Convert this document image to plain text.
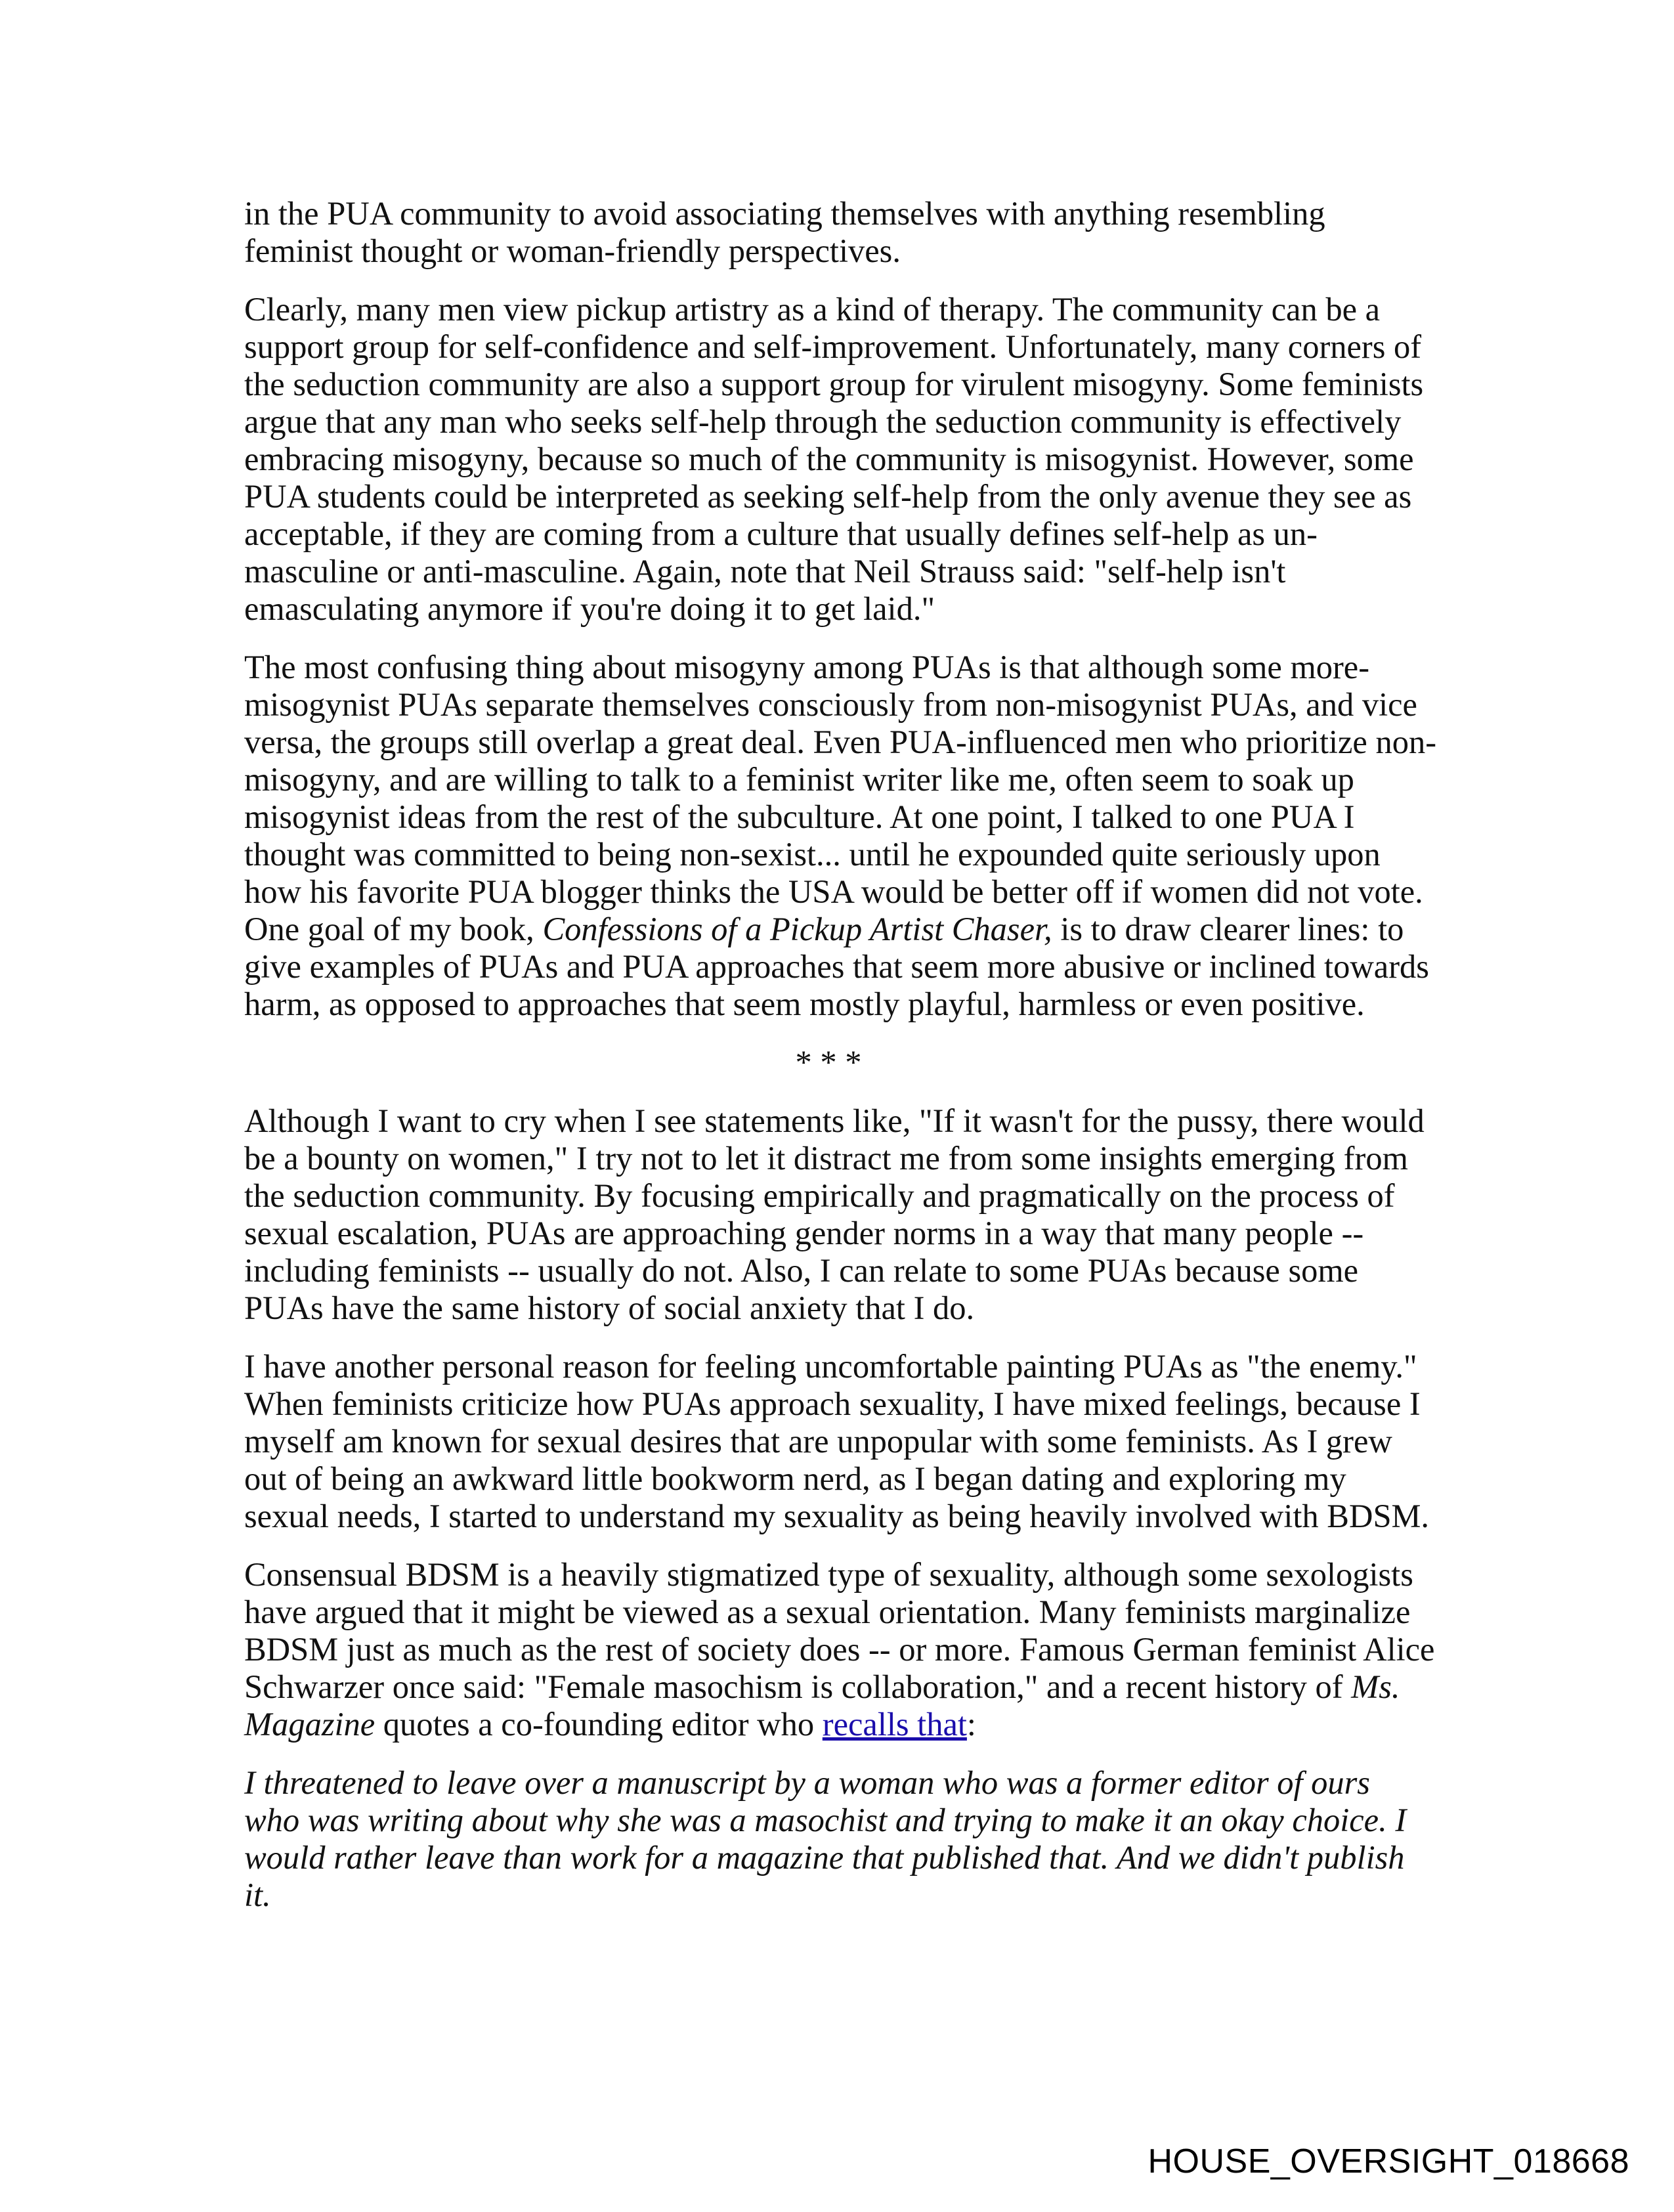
in the PUA community to avoid associating themselves with anything resembling
feminist thought or woman-friendly perspectives.

Clearly, many men view pickup artistry as a kind of therapy. The community can be a
support group for self-confidence and self-improvement. Unfortunately, many corners of
the seduction community are also a support group for virulent misogyny. Some feminists
argue that any man who seeks self-help through the seduction community is effectively
embracing misogyny, because so much of the community is misogynist. However, some
PUA students could be interpreted as seeking self-help from the only avenue they see as
acceptable, if they are coming from a culture that usually defines self-help as un-
masculine or anti-masculine. Again, note that Neil Strauss said: "self-help isn't
emasculating anymore if you're doing it to get laid."

The most confusing thing about misogyny among PUAs is that although some more-
misogynist PUAs separate themselves consciously from non-misogynist PUAs, and vice
versa, the groups still overlap a great deal. Even PUA-influenced men who prioritize non-
misogyny, and are willing to talk to a feminist writer like me, often seem to soak up
misogynist ideas from the rest of the subculture. At one point, I talked to one PUA I
thought was committed to being non-sexist... until he expounded quite seriously upon
how his favorite PUA blogger thinks the USA would be better off if women did not vote.
One goal of my book, Confessions of a Pickup Artist Chaser, is to draw clearer lines: to
give examples of PUAs and PUA approaches that seem more abusive or inclined towards
harm, as opposed to approaches that seem mostly playful, harmless or even positive.

* * *

Although I want to cry when I see statements like, "If it wasn't for the pussy, there would
be a bounty on women," I try not to let it distract me from some insights emerging from
the seduction community. By focusing empirically and pragmatically on the process of
sexual escalation, PUAs are approaching gender norms in a way that many people --
including feminists -- usually do not. Also, I can relate to some PUAs because some
PUAs have the same history of social anxiety that I do.

I have another personal reason for feeling uncomfortable painting PUAs as "the enemy."
When feminists criticize how PUAs approach sexuality, I have mixed feelings, because I
myself am known for sexual desires that are unpopular with some feminists. As I grew
out of being an awkward little bookworm nerd, as I began dating and exploring my
sexual needs, I started to understand my sexuality as being heavily involved with BDSM.

Consensual BDSM is a heavily stigmatized type of sexuality, although some sexologists
have argued that it might be viewed as a sexual orientation. Many feminists marginalize
BDSM just as much as the rest of society does -- or more. Famous German feminist Alice
Schwarzer once said: "Female masochism is collaboration," and a recent history of Ms.
Magazine quotes a co-founding editor who recalls that:

I threatened to leave over a manuscript by a woman who was a former editor of ours
who was writing about why she was a masochist and trying to make it an okay choice. I
would rather leave than work for a magazine that published that. And we didn't publish
it.

HOUSE_OVERSIGHT_018668
